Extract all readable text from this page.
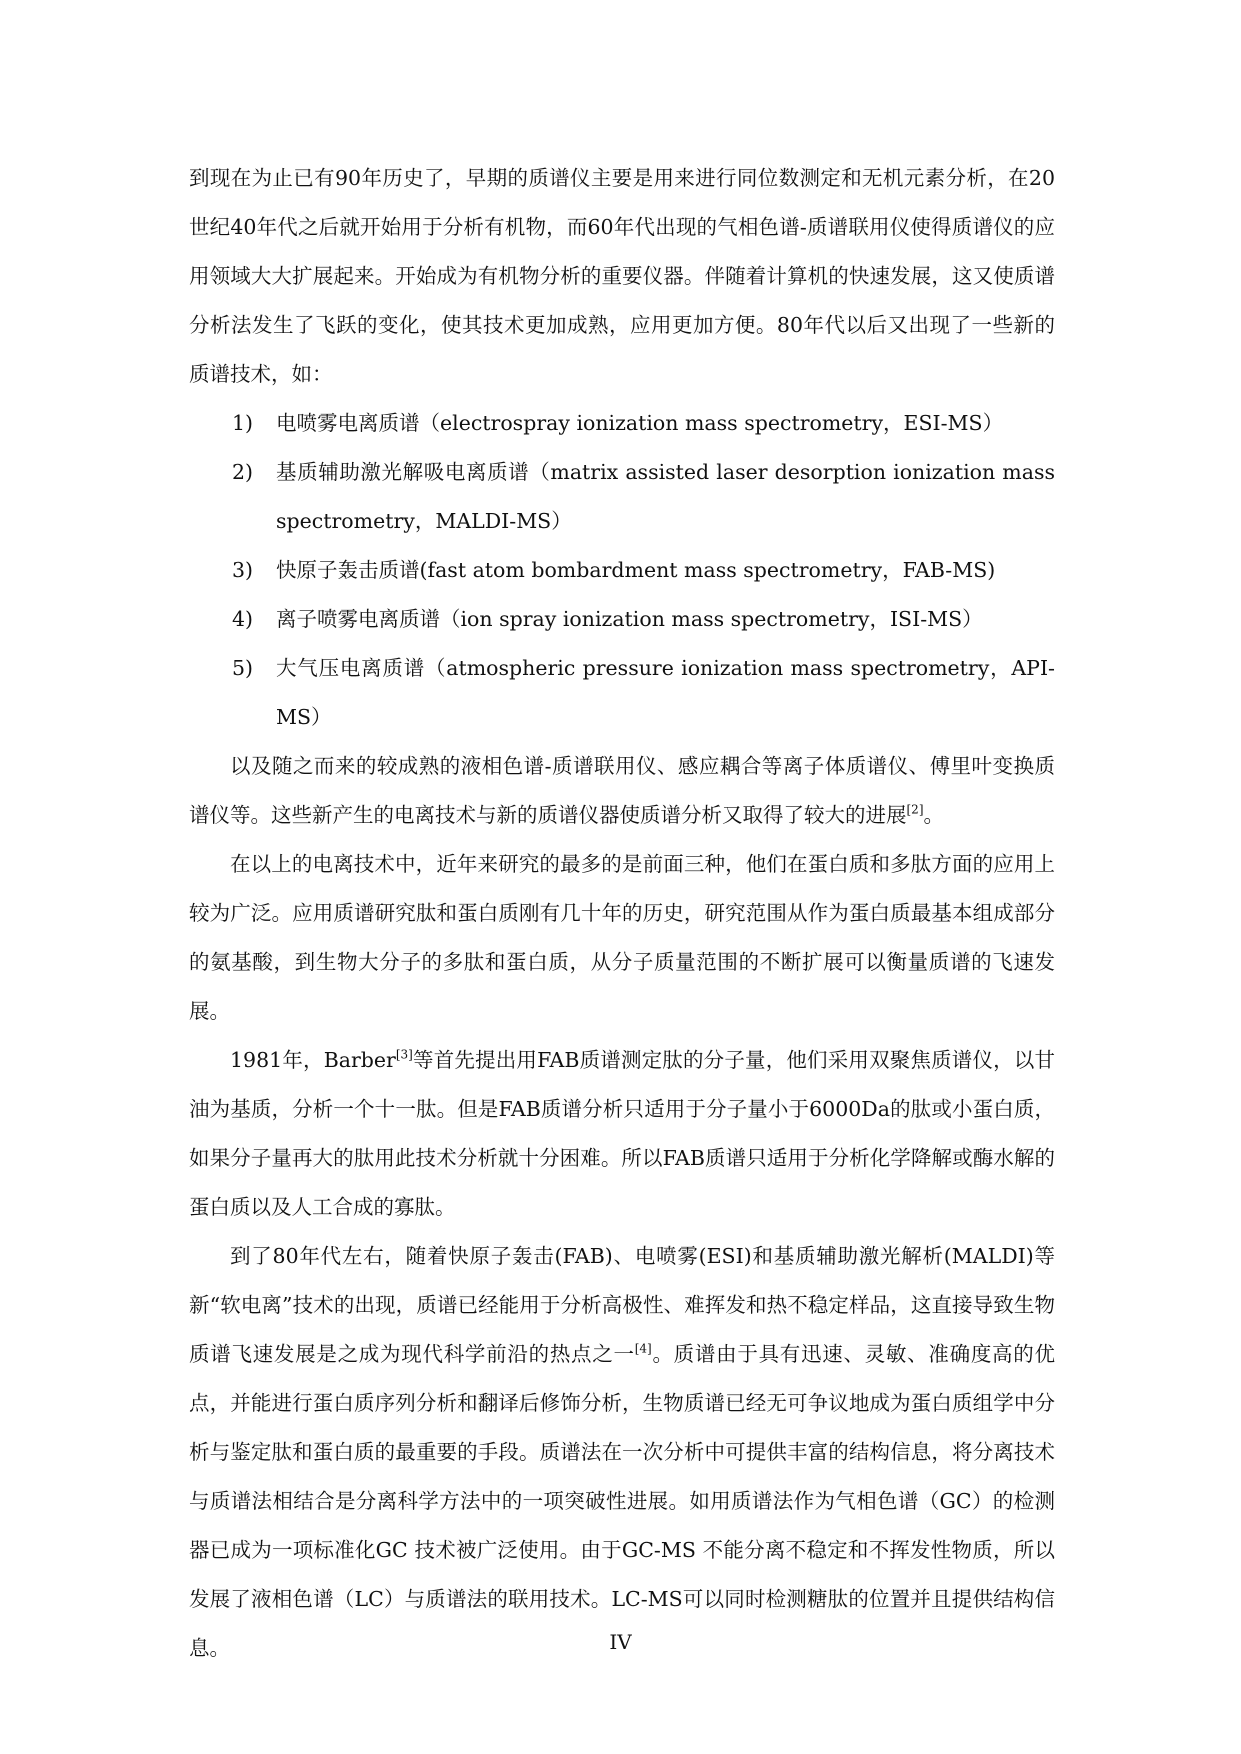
到现在为止已有90年历史了，早期的质谱仪主要是用来进行同位数测定和无机元素分析，在20世纪40年代之后就开始用于分析有机物，而60年代出现的气相色谱-质谱联用仪使得质谱仪的应用领域大大扩展起来。开始成为有机物分析的重要仪器。伴随着计算机的快速发展，这又使质谱分析法发生了飞跃的变化，使其技术更加成熟，应用更加方便。80年代以后又出现了一些新的质谱技术，如：

1) 电喷雾电离质谱（electrospray ionization mass spectrometry，ESI-MS）
2) 基质辅助激光解吸电离质谱（matrix assisted laser desorption ionization mass spectrometry，MALDI-MS）
3) 快原子轰击质谱(fast atom bombardment mass spectrometry，FAB-MS)
4) 离子喷雾电离质谱（ion spray ionization mass spectrometry，ISI-MS）
5) 大气压电离质谱（atmospheric pressure ionization mass spectrometry，API-MS）

以及随之而来的较成熟的液相色谱-质谱联用仪、感应耦合等离子体质谱仪、傅里叶变换质谱仪等。这些新产生的电离技术与新的质谱仪器使质谱分析又取得了较大的进展[2]。

在以上的电离技术中，近年来研究的最多的是前面三种，他们在蛋白质和多肽方面的应用上较为广泛。应用质谱研究肽和蛋白质刚有几十年的历史，研究范围从作为蛋白质最基本组成部分的氨基酸，到生物大分子的多肽和蛋白质，从分子质量范围的不断扩展可以衡量质谱的飞速发展。

1981年，Barber[3]等首先提出用FAB质谱测定肽的分子量，他们采用双聚焦质谱仪，以甘油为基质，分析一个十一肽。但是FAB质谱分析只适用于分子量小于6000Da的肽或小蛋白质，如果分子量再大的肽用此技术分析就十分困难。所以FAB质谱只适用于分析化学降解或酶水解的蛋白质以及人工合成的寡肽。

到了80年代左右，随着快原子轰击(FAB)、电喷雾(ESI)和基质辅助激光解析(MALDI)等新“软电离”技术的出现，质谱已经能用于分析高极性、难挥发和热不稳定样品，这直接导致生物质谱飞速发展是之成为现代科学前沿的热点之一[4]。质谱由于具有迅速、灵敏、准确度高的优点，并能进行蛋白质序列分析和翻译后修饰分析，生物质谱已经无可争议地成为蛋白质组学中分析与鉴定肽和蛋白质的最重要的手段。质谱法在一次分析中可提供丰富的结构信息，将分离技术与质谱法相结合是分离科学方法中的一项突破性进展。如用质谱法作为气相色谱（GC）的检测器已成为一项标准化GC 技术被广泛使用。由于GC-MS 不能分离不稳定和不挥发性物质，所以发展了液相色谱（LC）与质谱法的联用技术。LC-MS可以同时检测糖肽的位置并且提供结构信息。	IV
